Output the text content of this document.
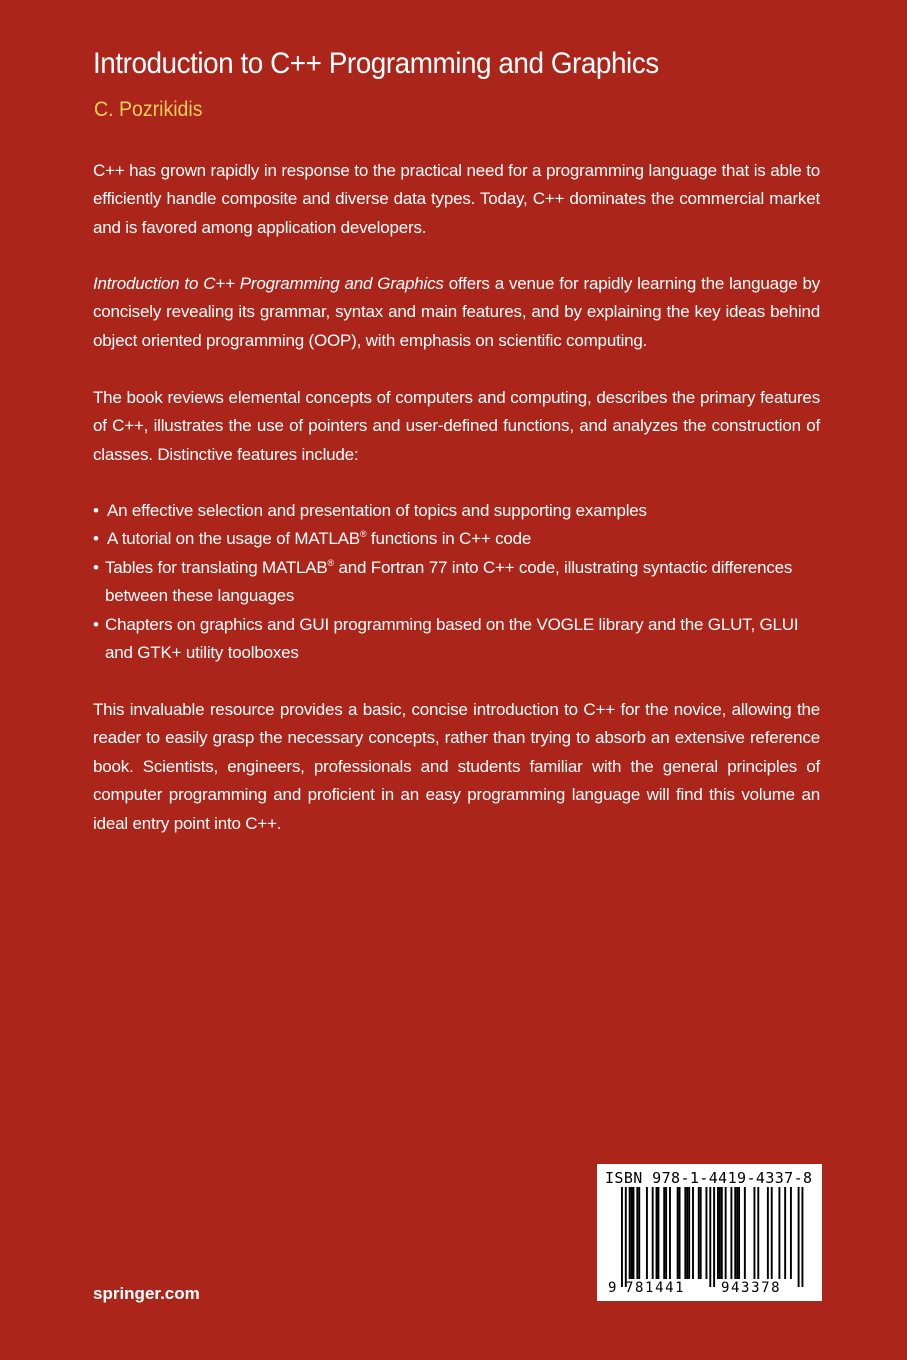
Introduction to C++ Programming and Graphics
C. Pozrikidis
C++ has grown rapidly in response to the practical need for a programming language that is able to efficiently handle composite and diverse data types. Today, C++ dominates the commercial market and is favored among application developers.
Introduction to C++ Programming and Graphics offers a venue for rapidly learning the language by concisely revealing its grammar, syntax and main features, and by explaining the key ideas behind object oriented programming (OOP), with emphasis on scientific computing.
The book reviews elemental concepts of computers and computing, describes the primary features of C++, illustrates the use of pointers and user-defined functions, and analyzes the construction of classes. Distinctive features include:
• An effective selection and presentation of topics and supporting examples
• A tutorial on the usage of MATLAB® functions in C++ code
• Tables for translating MATLAB® and Fortran 77 into C++ code, illustrating syntactic differences between these languages
• Chapters on graphics and GUI programming based on the VOGLE library and the GLUT, GLUI and GTK+ utility toolboxes
This invaluable resource provides a basic, concise introduction to C++ for the novice, allowing the reader to easily grasp the necessary concepts, rather than trying to absorb an extensive reference book. Scientists, engineers, professionals and students familiar with the general principles of computer programming and proficient in an easy programming language will find this volume an ideal entry point into C++.
springer.com
ISBN 978-1-4419-4337-8
9 781441	943378
